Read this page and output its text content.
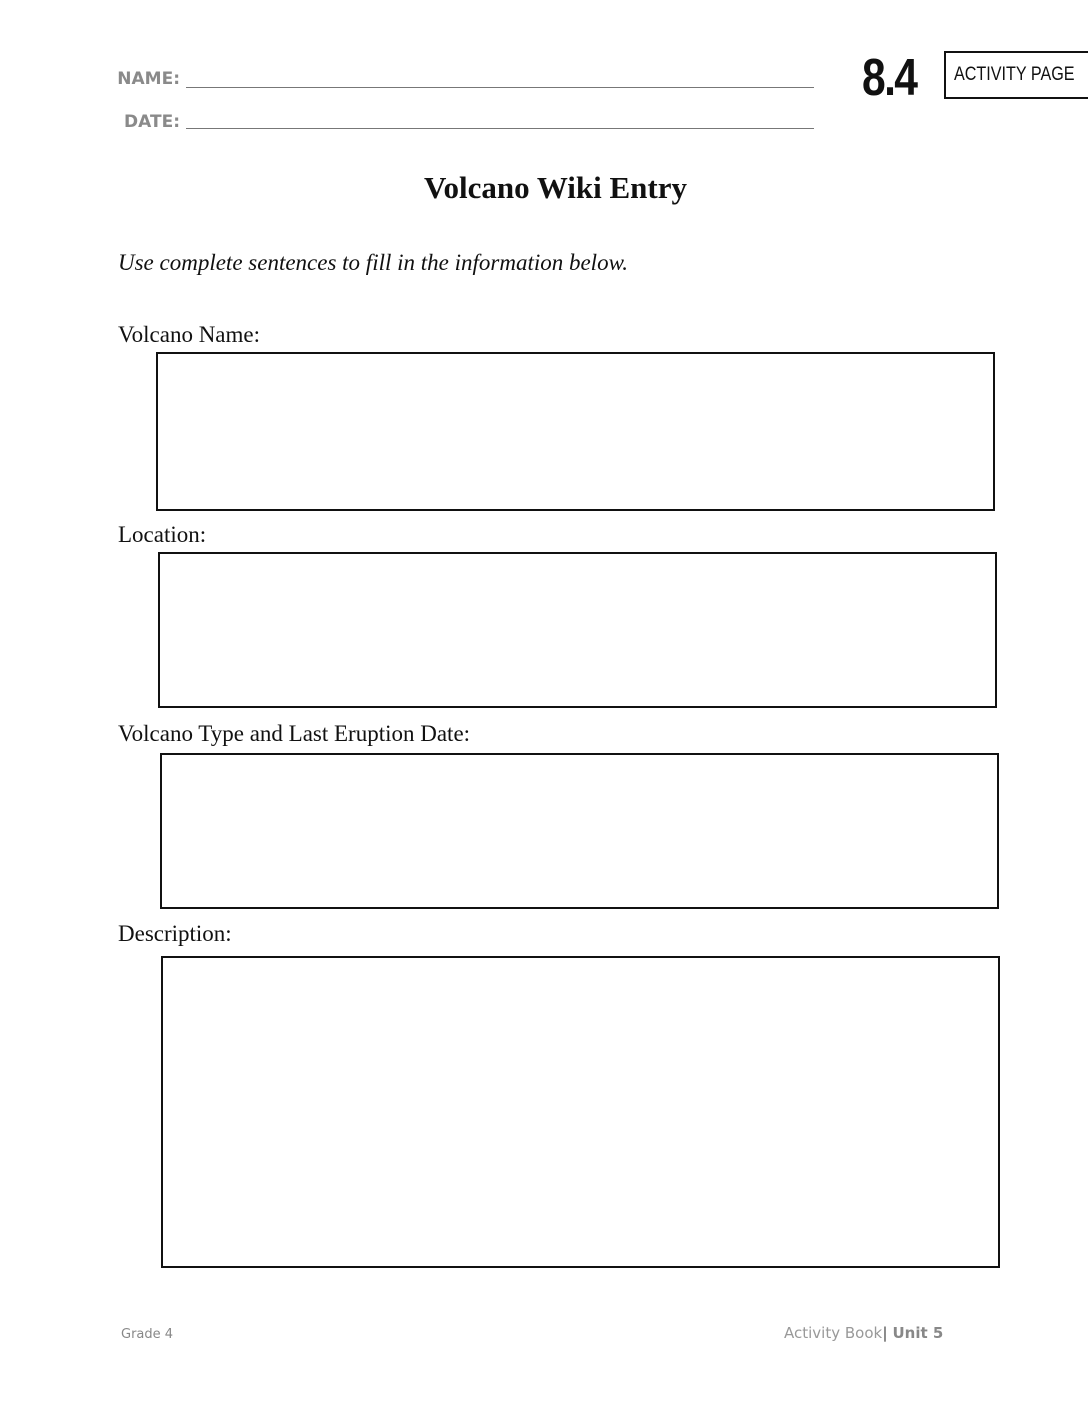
NAME:
DATE:
8.4 ACTIVITY PAGE
Volcano Wiki Entry
Use complete sentences to fill in the information below.
Volcano Name:
Location:
Volcano Type and Last Eruption Date:
Description:
Grade 4	Activity Book| Unit 5
